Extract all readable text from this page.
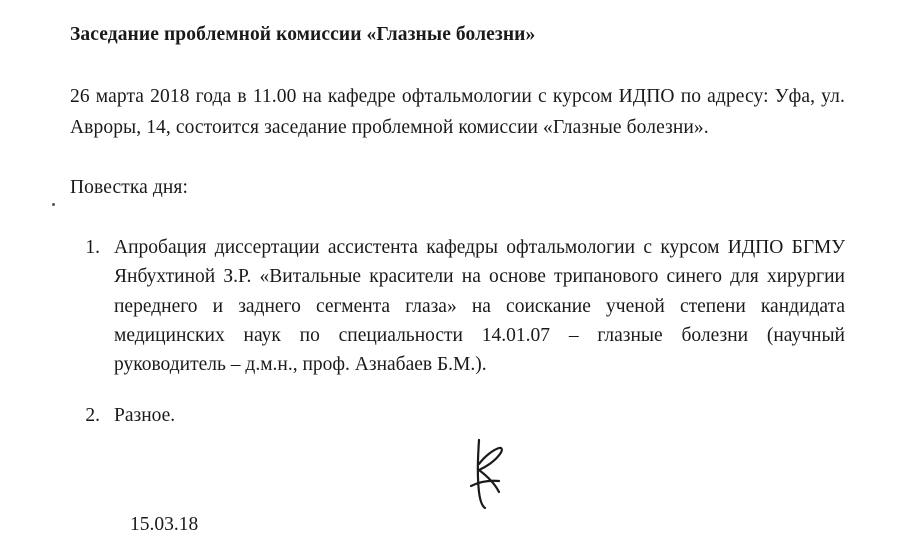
Заседание проблемной комиссии «Глазные болезни»

26 марта 2018 года в 11.00 на кафедре офтальмологии с курсом ИДПО по адресу: Уфа, ул. Авроры, 14, состоится заседание проблемной комиссии «Глазные болезни».

Повестка дня:

1. Апробация диссертации ассистента кафедры офтальмологии с курсом ИДПО БГМУ Янбухтиной З.Р. «Витальные красители на основе трипанового синего для хирургии переднего и заднего сегмента глаза» на соискание ученой степени кандидата медицинских наук по специальности 14.01.07 – глазные болезни (научный руководитель – д.м.н., проф. Азнабаев Б.М.).
2. Разное.
15.03.18
